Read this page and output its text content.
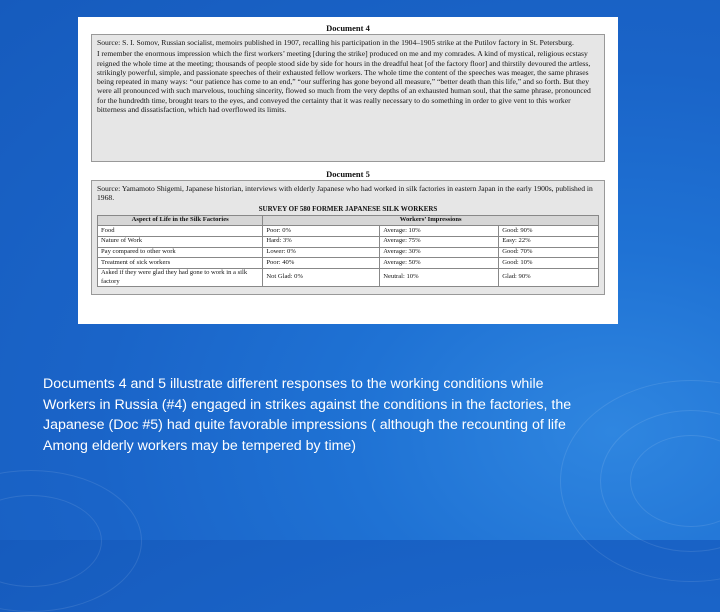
Document 4

Source: S. I. Somov, Russian socialist, memoirs published in 1907, recalling his participation in the 1904–1905 strike at the Putilov factory in St. Petersburg.

I remember the enormous impression which the first workers’ meeting [during the strike] produced on me and my comrades. A kind of mystical, religious ecstasy reigned the whole time at the meeting; thousands of people stood side by side for hours in the dreadful heat [of the factory floor] and thirstily devoured the artless, strikingly powerful, simple, and passionate speeches of their exhausted fellow workers. The whole time the content of the speeches was meager, the same phrases being repeated in many ways: “our patience has come to an end,” “our suffering has gone beyond all measure,” “better death than this life,” and so forth. But they were all pronounced with such marvelous, touching sincerity, flowed so much from the very depths of an exhausted human soul, that the same phrase, pronounced for the hundredth time, brought tears to the eyes, and conveyed the certainty that it was really necessary to do something in order to give vent to this worker bitterness and dissatisfaction, which had overflowed its limits.

Document 5

Source: Yamamoto Shigemi, Japanese historian, interviews with elderly Japanese who had worked in silk factories in eastern Japan in the early 1900s, published in 1968.

SURVEY OF 580 FORMER JAPANESE SILK WORKERS
Aspect of Life in the Silk Factories	Workers’ Impressions		
Food	Poor: 0%	Average: 10%	Good: 90%
Nature of Work	Hard: 3%	Average: 75%	Easy: 22%
Pay compared to other work	Lower: 0%	Average: 30%	Good: 70%
Treatment of sick workers	Poor: 40%	Average: 50%	Good: 10%
Asked if they were glad they had gone to work in a silk factory	Not Glad: 0%	Neutral: 10%	Glad: 90%
Documents 4 and 5 illustrate different responses to the working conditions while
Workers in Russia (#4) engaged in strikes against the conditions in the factories, the
Japanese (Doc #5) had quite favorable impressions ( although the recounting of life
Among elderly workers may be tempered by time)
